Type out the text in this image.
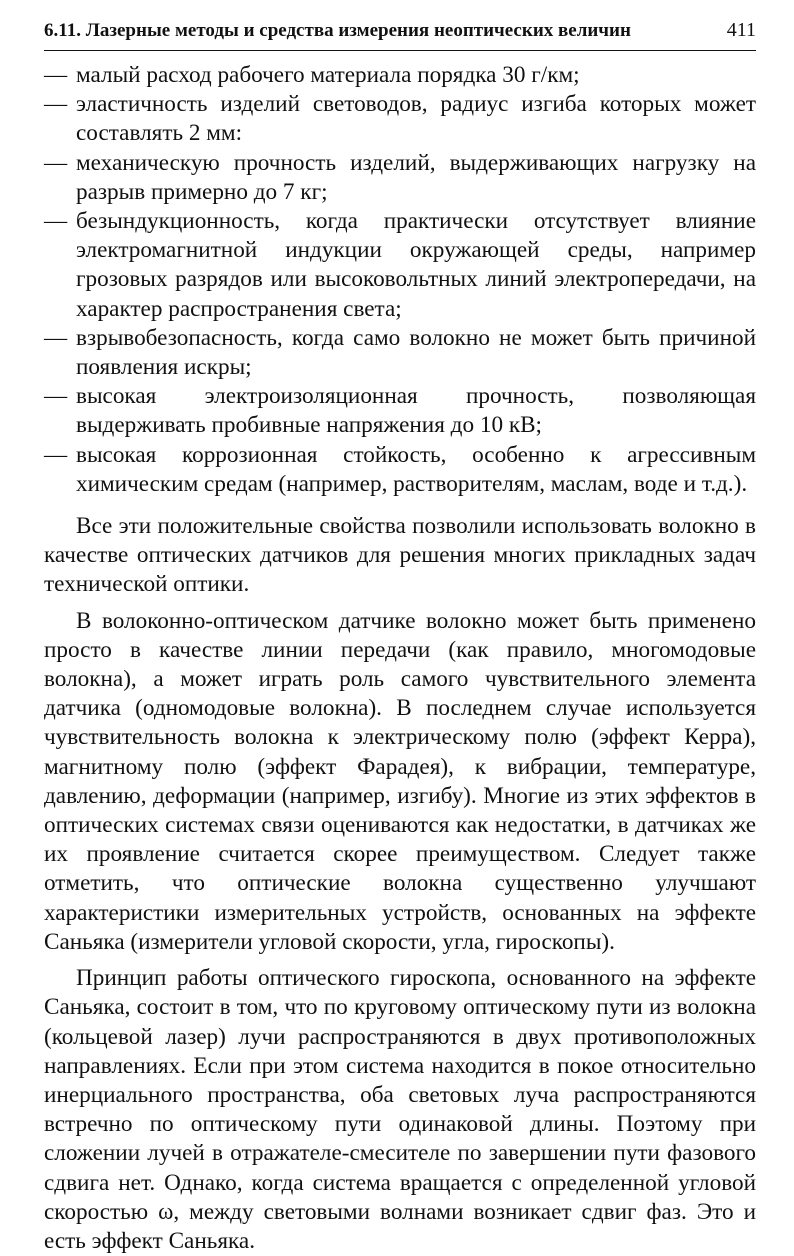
6.11. Лазерные методы и средства измерения неоптических величин	411
— малый расход рабочего материала порядка 30 г/км;
— эластичность изделий световодов, радиус изгиба которых может составлять 2 мм:
— механическую прочность изделий, выдерживающих нагрузку на разрыв примерно до 7 кг;
— безындукционность, когда практически отсутствует влияние электромагнитной индукции окружающей среды, например грозовых разрядов или высоковольтных линий электропередачи, на характер распространения света;
— взрывобезопасность, когда само волокно не может быть причиной появления искры;
— высокая электроизоляционная прочность, позволяющая выдерживать пробивные напряжения до 10 кВ;
— высокая коррозионная стойкость, особенно к агрессивным химическим средам (например, растворителям, маслам, воде и т.д.).

Все эти положительные свойства позволили использовать волокно в качестве оптических датчиков для решения многих прикладных задач технической оптики.

В волоконно-оптическом датчике волокно может быть применено просто в качестве линии передачи (как правило, многомодовые волокна), а может играть роль самого чувствительного элемента датчика (одномодовые волокна). В последнем случае используется чувствительность волокна к электрическому полю (эффект Керра), магнитному полю (эффект Фарадея), к вибрации, температуре, давлению, деформации (например, изгибу). Многие из этих эффектов в оптических системах связи оцениваются как недостатки, в датчиках же их проявление считается скорее преимуществом. Следует также отметить, что оптические волокна существенно улучшают характеристики измерительных устройств, основанных на эффекте Саньяка (измерители угловой скорости, угла, гироскопы).

Принцип работы оптического гироскопа, основанного на эффекте Саньяка, состоит в том, что по круговому оптическому пути из волокна (кольцевой лазер) лучи распространяются в двух противоположных направлениях. Если при этом система находится в покое относительно инерциального пространства, оба световых луча распространяются встречно по оптическому пути одинаковой длины. Поэтому при сложении лучей в отражателе-смесителе по завершении пути фазового сдвига нет. Однако, когда система вращается с определенной угловой скоростью ω, между световыми волнами возникает сдвиг фаз. Это и есть эффект Саньяка.
